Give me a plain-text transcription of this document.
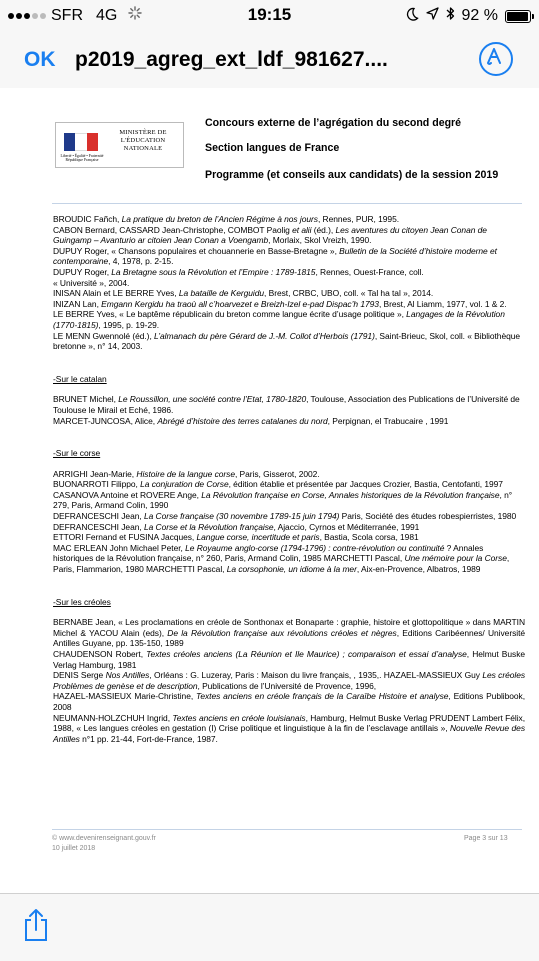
SFR 4G	19:15	92 %
OK p2019_agreg_ext_ldf_981627....
MINISTÈRE DE L'ÉDUCATION NATIONALE
Liberté • Égalité • Fraternité République Française
Concours externe de l’agrégation du second degré
Section langues de France
Programme (et conseils aux candidats) de la session 2019

BROUDIC Fañch, La pratique du breton de l’Ancien Régime à nos jours, Rennes, PUR, 1995.

CABON Bernard, CASSARD Jean-Christophe, COMBOT Paolig et alii (éd.), Les aventures du citoyen Jean Conan de Guingamp – Avanturio ar citoien Jean Conan a Voengamb, Morlaix, Skol Vreizh, 1990.

DUPUY Roger, « Chansons populaires et chouannerie en Basse-Bretagne », Bulletin de la Société d’histoire moderne et contemporaine, 4, 1978, p. 2-15.

DUPUY Roger, La Bretagne sous la Révolution et l’Empire : 1789-1815, Rennes, Ouest-France, coll.

« Université », 2004.

INISAN Alain et LE BERRE Yves, La bataille de Kerguidu, Brest, CRBC, UBO, coll. « Tal ha tal », 2014.

INIZAN Lan, Emgann Kergidu ha traoù all c’hoarvezet e Breizh-Izel e-pad Dispac’h 1793, Brest, Al Liamm, 1977, vol. 1 & 2.

LE BERRE Yves, « Le baptême républicain du breton comme langue écrite d’usage politique », Langages de la Révolution (1770-1815), 1995, p. 19-29.

LE MENN Gwennolé (éd.), L’almanach du père Gérard de J.-M. Collot d’Herbois (1791), Saint-Brieuc, Skol, coll. « Bibliothèque bretonne », n° 14, 2003.

-Sur le catalan

BRUNET Michel, Le Roussillon, une société contre l’Etat, 1780-1820, Toulouse, Association des Publications de l’Université de Toulouse le Mirail et Eché, 1986.

MARCET-JUNCOSA, Alice, Abrégé d’histoire des terres catalanes du nord, Perpignan, el Trabucaire , 1991

-Sur le corse

ARRIGHI Jean-Marie, Histoire de la langue corse, Paris, Gisserot, 2002.

BUONARROTI Filippo, La conjuration de Corse, édition établie et présentée par Jacques Crozier, Bastia, Centofanti, 1997

CASANOVA Antoine et ROVERE Ange, La Révolution française en Corse, Annales historiques de la Révolution française, n° 279, Paris, Armand Colin, 1990

DEFRANCESCHI Jean, La Corse française (30 novembre 1789-15 juin 1794) Paris, Société des études robespierristes, 1980

DEFRANCESCHI Jean, La Corse et la Révolution française, Ajaccio, Cyrnos et Méditerranée, 1991

ETTORI Fernand et FUSINA Jacques, Langue corse, incertitude et paris, Bastia, Scola corsa, 1981

MAC ERLEAN John Michael Peter, Le Royaume anglo-corse (1794-1796) : contre-révolution ou continuité ? Annales historiques de la Révolution française, n° 260, Paris, Armand Colin, 1985 MARCHETTI Pascal, Une mémoire pour la Corse, Paris, Flammarion, 1980 MARCHETTI Pascal, La corsophonie, un idiome à la mer, Aix-en-Provence, Albatros, 1989

-Sur les créoles

BERNABE Jean, « Les proclamations en créole de Sonthonax et Bonaparte : graphie, histoire et glottopolitique » dans MARTIN Michel & YACOU Alain (eds), De la Révolution française aux révolutions créoles et nègres, Editions Caribéennes/ Université Antilles Guyane, pp. 135-150, 1989

CHAUDENSON Robert, Textes créoles anciens (La Réunion et Ile Maurice) ; comparaison et essai d’analyse, Helmut Buske Verlag Hamburg, 1981

DENIS Serge Nos Antilles, Orléans : G. Luzeray, Paris : Maison du livre français, , 1935,. HAZAEL-MASSIEUX Guy Les créoles Problèmes de genèse et de description, Publications de l’Université de Provence, 1996,

HAZAEL-MASSIEUX Marie-Christine, Textes anciens en créole français de la Caraïbe Histoire et analyse, Editions Publibook, 2008

NEUMANN-HOLZCHUH Ingrid, Textes anciens en créole louisianais, Hamburg, Helmut Buske Verlag PRUDENT Lambert Félix, 1988, « Les langues créoles en gestation (I) Crise politique et linguistique à la fin de l’esclavage antillais », Nouvelle Revue des Antilles n°1 pp. 21-44, Fort-de-France, 1987.

© www.devenirenseignant.gouv.fr
10 juillet 2018
Page 3 sur 13
